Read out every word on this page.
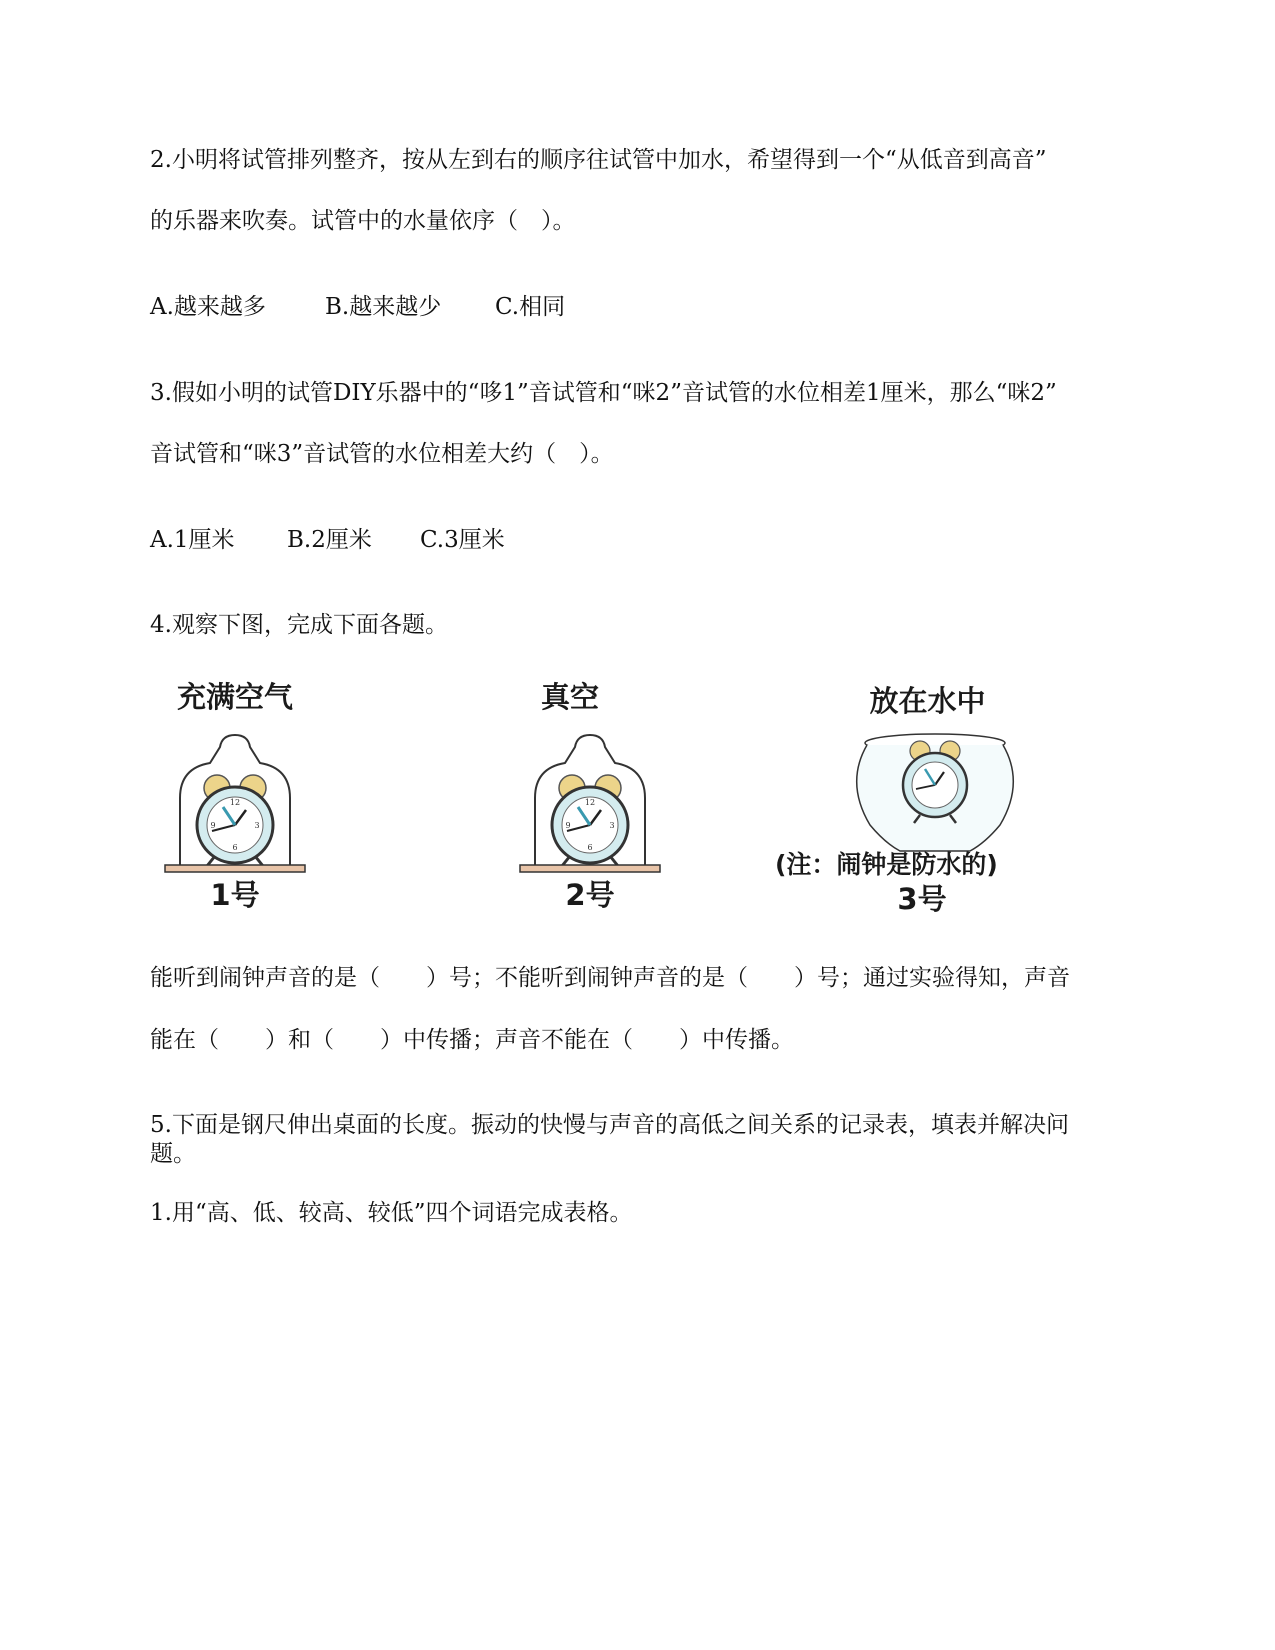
2.小明将试管排列整齐，按从左到右的顺序往试管中加水，希望得到一个“从低音到高音”
的乐器来吹奏。试管中的水量依序（　）。
A.越来越多	B.越来越少 C.相同
3.假如小明的试管DIY乐器中的“哆1”音试管和“咪2”音试管的水位相差1厘米，那么“咪2”
音试管和“咪3”音试管的水位相差大约（　）。
A.1厘米 B.2厘米 C.3厘米
4.观察下图，完成下面各题。
充满空气
12
3
6
9
1号
真空
12
3
6
9
2号
放在水中
(注：闹钟是防水的)
3号
能听到闹钟声音的是（　　）号；不能听到闹钟声音的是（　　）号；通过实验得知，声音
能在（　　）和（　　）中传播；声音不能在（　　）中传播。
5.下面是钢尺伸出桌面的长度。振动的快慢与声音的高低之间关系的记录表，填表并解决问题。
1.用“高、低、较高、较低”四个词语完成表格。
